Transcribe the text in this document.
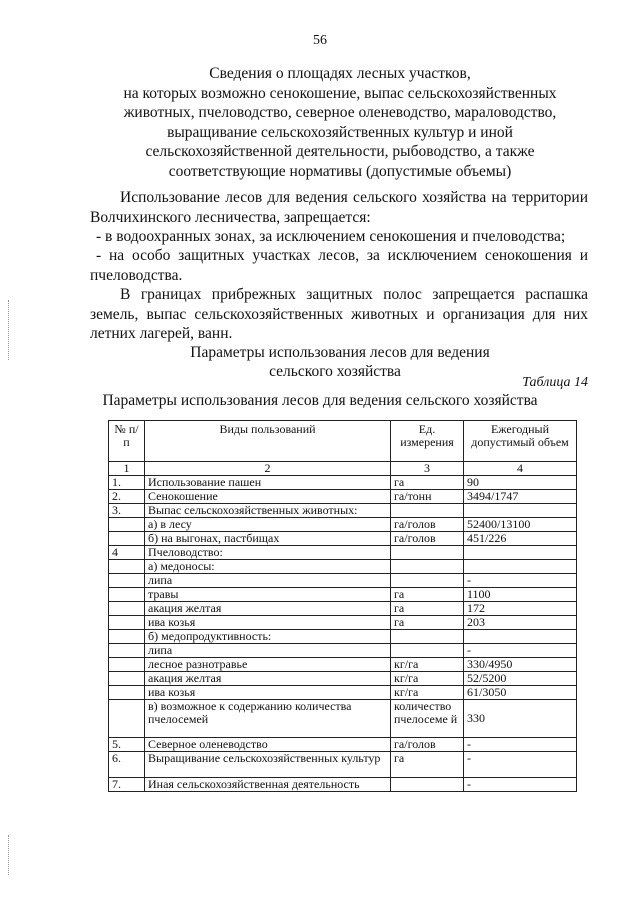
56
Сведения о площадях лесных участков,
на которых возможно сенокошение, выпас сельскохозяйственных
животных, пчеловодство, северное оленеводство, мараловодство,
выращивание сельскохозяйственных культур и иной
сельскохозяйственной деятельности, рыбоводство, а также
соответствующие нормативы (допустимые объемы)
Использование лесов для ведения сельского хозяйства на территории Волчихинского лесничества, запрещается:
- в водоохранных зонах, за исключением сенокошения и пчеловодства;
- на особо защитных участках лесов, за исключением сенокошения и пчеловодства.
В границах прибрежных защитных полос запрещается распашка земель, выпас сельскохозяйственных животных и организация для них летних лагерей, ванн.
Параметры использования лесов для ведения
сельского хозяйства
Таблица 14
Параметры использования лесов для ведения сельского хозяйства
№ п/п	Виды пользований	Ед. измерения	Ежегодный допустимый объем
1	2	3	4
1.	Использование пашен	га	90
2.	Сенокошение	га/тонн	3494/1747
3.	Выпас сельскохозяйственных животных:		
	а) в лесу	га/голов	52400/13100
	б) на выгонах, пастбищах	га/голов	451/226
4	Пчеловодство:		
	а) медоносы:		
	липа		-
	травы	га	1100
	акация желтая	га	172
	ива козья	га	203
	б) медопродуктивность:		
	липа		-
	лесное разнотравье	кг/га	330/4950
	акация желтая	кг/га	52/5200
	ива козья	кг/га	61/3050
	в) возможное к содержанию количества пчелосемей	количество пчелосеме й	330
5.	Северное оленеводство	га/голов	-
6.	Выращивание сельскохозяйственных культур	га	-
7.	Иная сельскохозяйственная деятельность		-
